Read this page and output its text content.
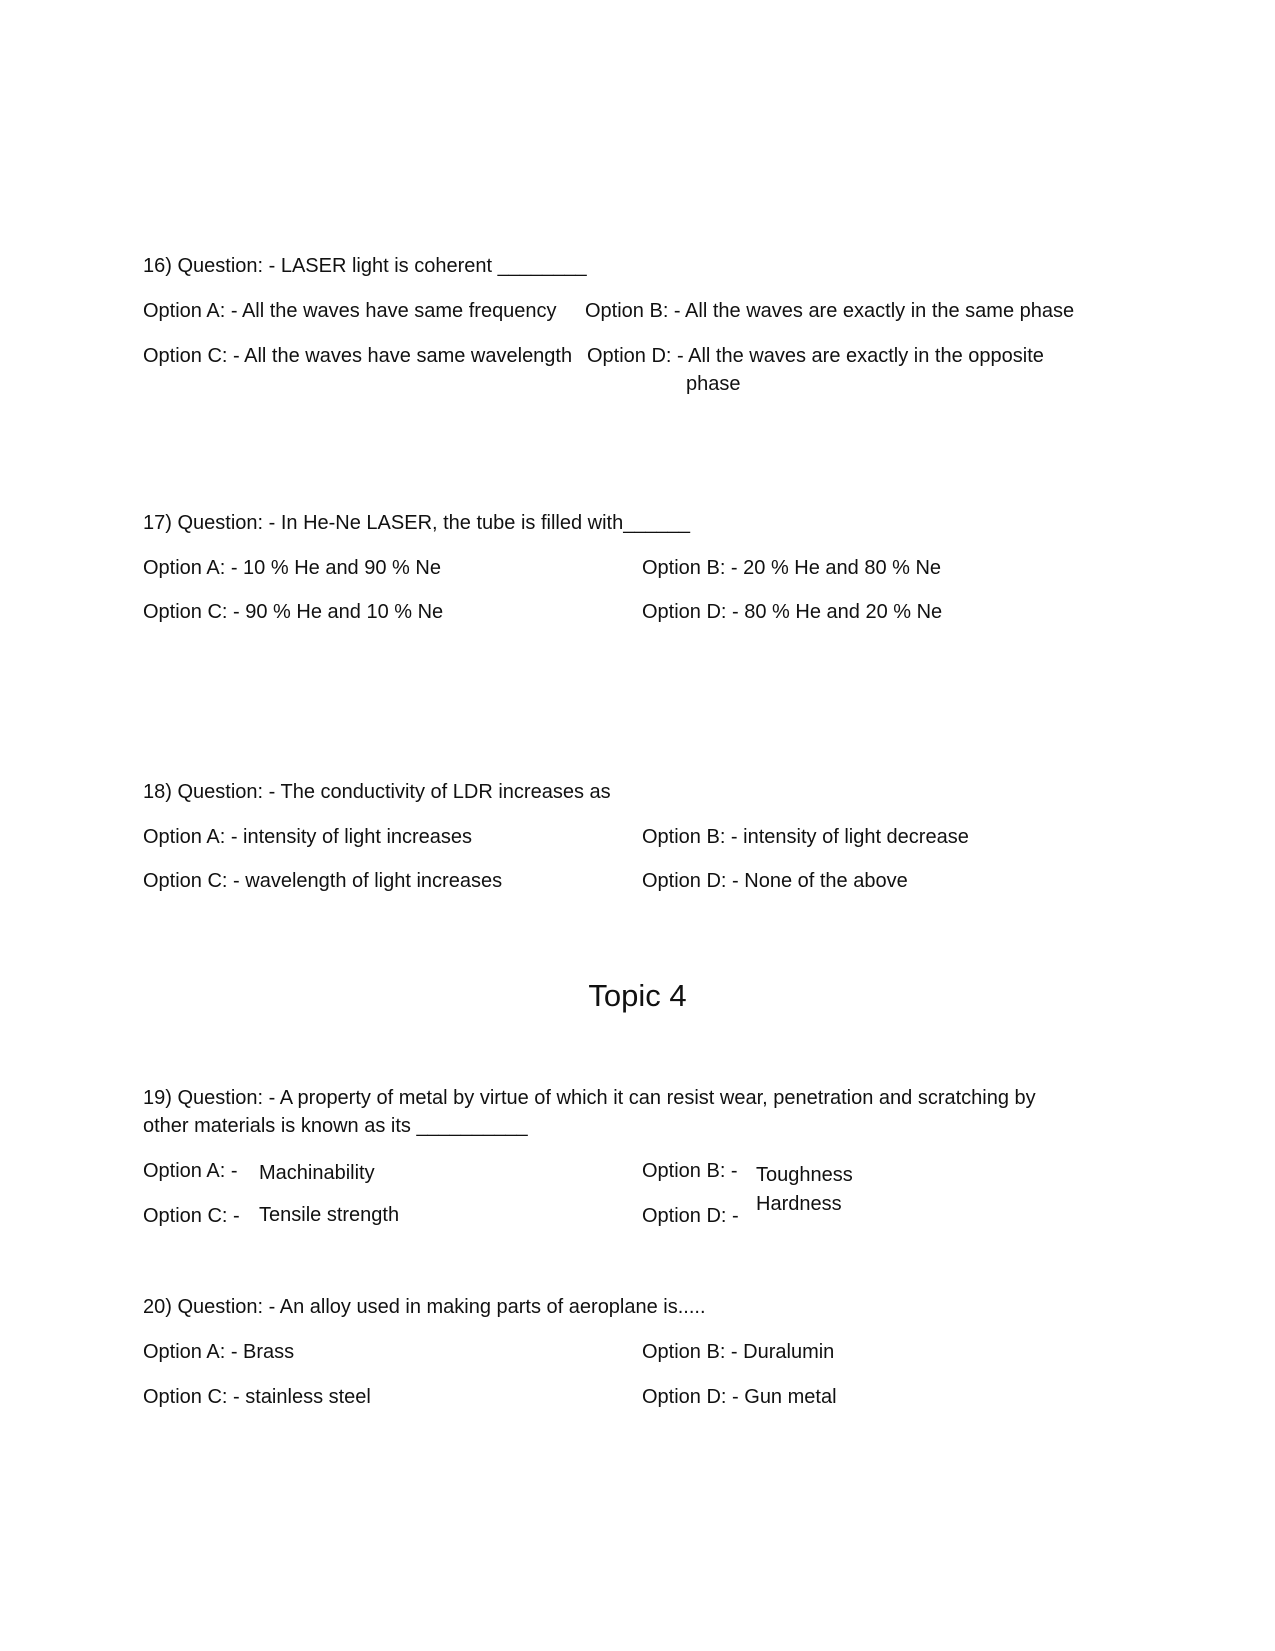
16) Question: - LASER light is coherent ________
Option A: - All the waves have same frequency Option B: - All the waves are exactly in the same phase
Option C: - All the waves have same wavelength Option D: - All the waves are exactly in the opposite
phase
17) Question: - In He-Ne LASER, the tube is filled with______
Option A: - 10 % He and 90 % Ne	Option B: - 20 % He and 80 % Ne
Option C: - 90 % He and 10 % Ne	Option D: - 80 % He and 20 % Ne
18) Question: - The conductivity of LDR increases as
Option A: - intensity of light increases	Option B: - intensity of light decrease
Option C: - wavelength of light increases	Option D: - None of the above
Topic 4
19) Question: - A property of metal by virtue of which it can resist wear, penetration and scratching by
other materials is known as its __________
Option A: - Machinability	Option B: - Toughness
Option C: - Tensile strength	Option D: -
Hardness
20) Question: - An alloy used in making parts of aeroplane is.....
Option A: - Brass	Option B: - Duralumin
Option C: - stainless steel	Option D: - Gun metal
